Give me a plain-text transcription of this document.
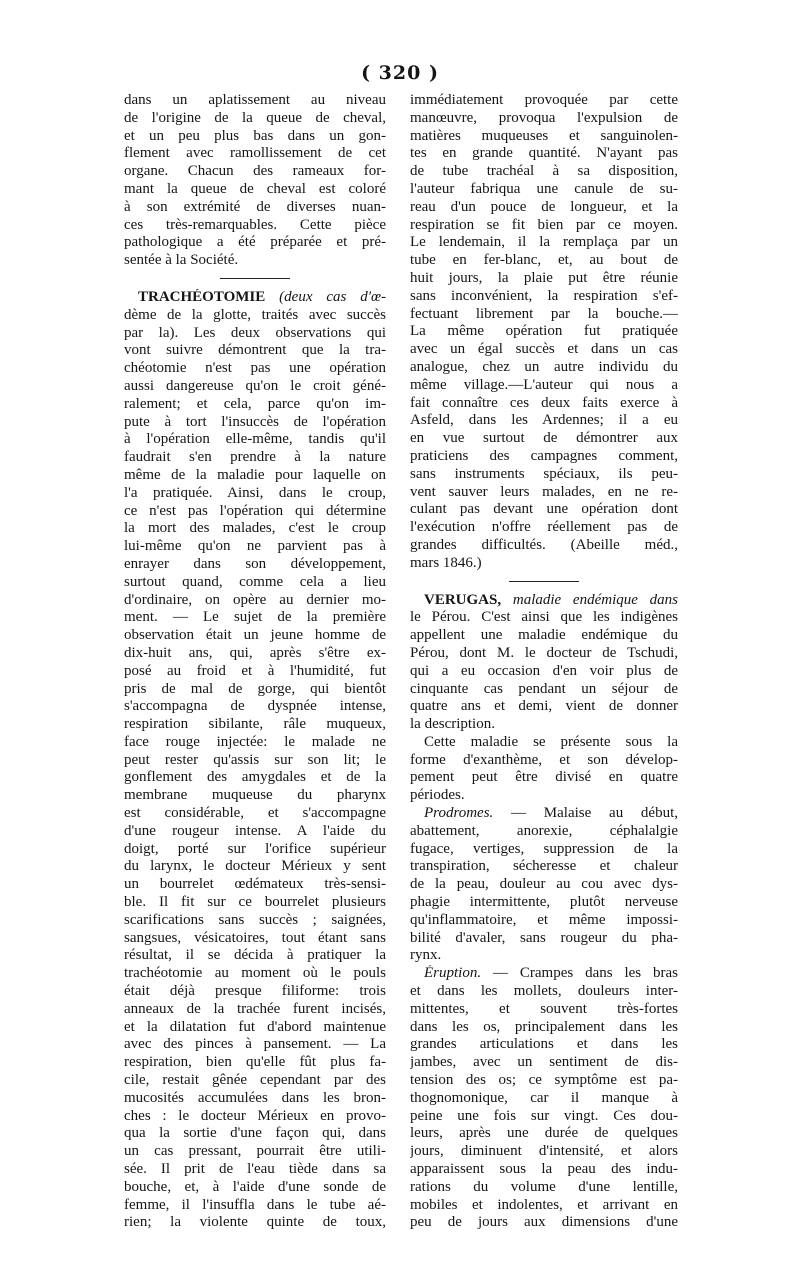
( 320 )
dans un aplatissement au niveau
de l'origine de la queue de cheval,
et un peu plus bas dans un gon-
flement avec ramollissement de cet
organe. Chacun des rameaux for-
mant la queue de cheval est coloré
à son extrémité de diverses nuan-
ces très-remarquables. Cette pièce
pathologique a été préparée et pré-
sentée à la Société.
TRACHÉOTOMIE (deux cas d'œ-
dème de la glotte, traités avec succès
par la). Les deux observations qui
vont suivre démontrent que la tra-
chéotomie n'est pas une opération
aussi dangereuse qu'on le croit géné-
ralement; et cela, parce qu'on im-
pute à tort l'insuccès de l'opération
à l'opération elle-même, tandis qu'il
faudrait s'en prendre à la nature
même de la maladie pour laquelle on
l'a pratiquée. Ainsi, dans le croup,
ce n'est pas l'opération qui détermine
la mort des malades, c'est le croup
lui-même qu'on ne parvient pas à
enrayer dans son développement,
surtout quand, comme cela a lieu
d'ordinaire, on opère au dernier mo-
ment. — Le sujet de la première
observation était un jeune homme de
dix-huit ans, qui, après s'être ex-
posé au froid et à l'humidité, fut
pris de mal de gorge, qui bientôt
s'accompagna de dyspnée intense,
respiration sibilante, râle muqueux,
face rouge injectée: le malade ne
peut rester qu'assis sur son lit; le
gonflement des amygdales et de la
membrane muqueuse du pharynx
est considérable, et s'accompagne
d'une rougeur intense. A l'aide du
doigt, porté sur l'orifice supérieur
du larynx, le docteur Mérieux y sent
un bourrelet œdémateux très-sensi-
ble. Il fit sur ce bourrelet plusieurs
scarifications sans succès ; saignées,
sangsues, vésicatoires, tout étant sans
résultat, il se décida à pratiquer la
trachéotomie au moment où le pouls
était déjà presque filiforme: trois
anneaux de la trachée furent incisés,
et la dilatation fut d'abord maintenue
avec des pinces à pansement. — La
respiration, bien qu'elle fût plus fa-
cile, restait gênée cependant par des
mucosités accumulées dans les bron-
ches : le docteur Mérieux en provo-
qua la sortie d'une façon qui, dans
un cas pressant, pourrait être utili-
sée. Il prit de l'eau tiède dans sa
bouche, et, à l'aide d'une sonde de
femme, il l'insuffla dans le tube aé-
rien; la violente quinte de toux,
immédiatement provoquée par cette
manœuvre, provoqua l'expulsion de
matières muqueuses et sanguinolen-
tes en grande quantité. N'ayant pas
de tube trachéal à sa disposition,
l'auteur fabriqua une canule de su-
reau d'un pouce de longueur, et la
respiration se fit bien par ce moyen.
Le lendemain, il la remplaça par un
tube en fer-blanc, et, au bout de
huit jours, la plaie put être réunie
sans inconvénient, la respiration s'ef-
fectuant librement par la bouche.—
La même opération fut pratiquée
avec un égal succès et dans un cas
analogue, chez un autre individu du
même village.—L'auteur qui nous a
fait connaître ces deux faits exerce à
Asfeld, dans les Ardennes; il a eu
en vue surtout de démontrer aux
praticiens des campagnes comment,
sans instruments spéciaux, ils peu-
vent sauver leurs malades, en ne re-
culant pas devant une opération dont
l'exécution n'offre réellement pas de
grandes difficultés. (Abeille méd.,
mars 1846.)
VERUGAS, maladie endémique dans
le Pérou. C'est ainsi que les indigènes
appellent une maladie endémique du
Pérou, dont M. le docteur de Tschudi,
qui a eu occasion d'en voir plus de
cinquante cas pendant un séjour de
quatre ans et demi, vient de donner
la description.
Cette maladie se présente sous la
forme d'exanthème, et son dévelop-
pement peut être divisé en quatre
périodes.
Prodromes. — Malaise au début,
abattement, anorexie, céphalalgie
fugace, vertiges, suppression de la
transpiration, sécheresse et chaleur
de la peau, douleur au cou avec dys-
phagie intermittente, plutôt nerveuse
qu'inflammatoire, et même impossi-
bilité d'avaler, sans rougeur du pha-
rynx.
Éruption. — Crampes dans les bras
et dans les mollets, douleurs inter-
mittentes, et souvent très-fortes
dans les os, principalement dans les
grandes articulations et dans les
jambes, avec un sentiment de dis-
tension des os; ce symptôme est pa-
thognomonique, car il manque à
peine une fois sur vingt. Ces dou-
leurs, après une durée de quelques
jours, diminuent d'intensité, et alors
apparaissent sous la peau des indu-
rations du volume d'une lentille,
mobiles et indolentes, et arrivant en
peu de jours aux dimensions d'une
